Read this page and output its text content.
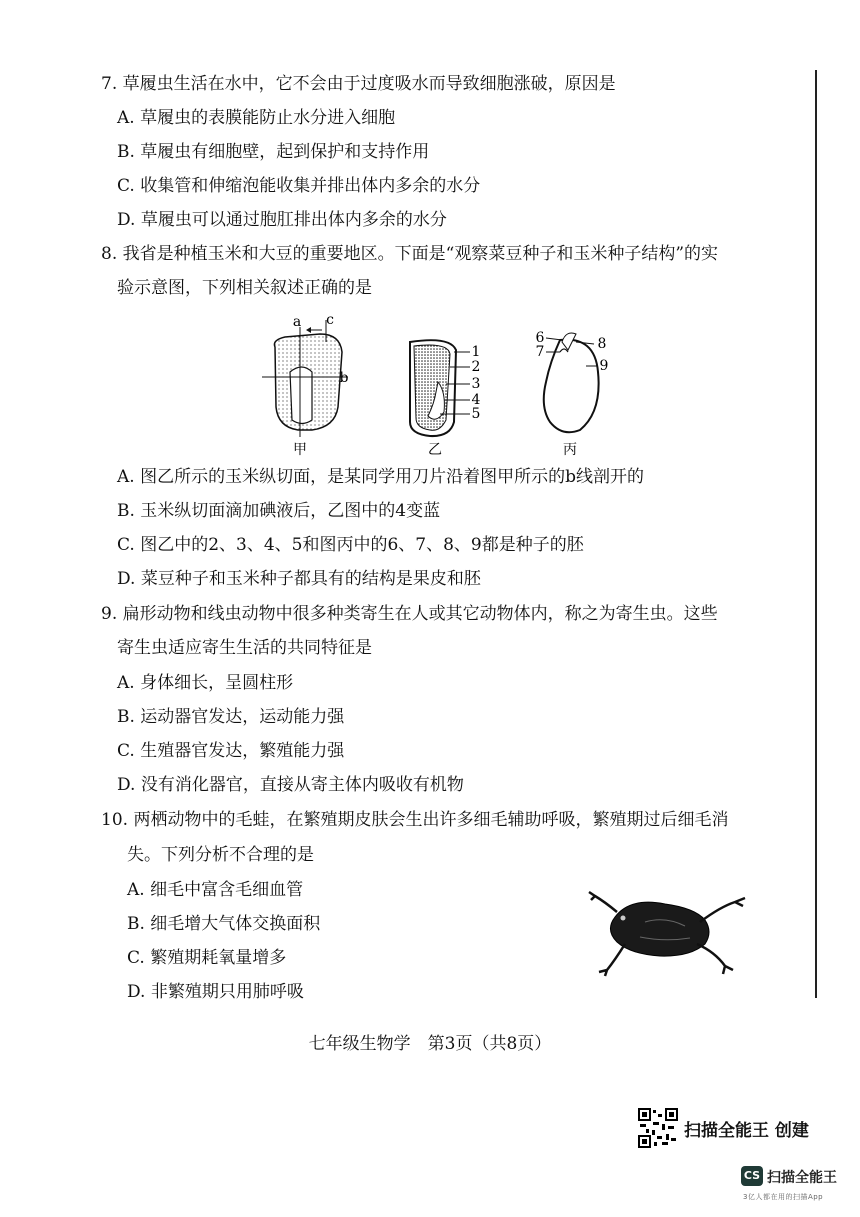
7. 草履虫生活在水中，它不会由于过度吸水而导致细胞涨破，原因是
A. 草履虫的表膜能防止水分进入细胞
B. 草履虫有细胞壁，起到保护和支持作用
C. 收集管和伸缩泡能收集并排出体内多余的水分
D. 草履虫可以通过胞肛排出体内多余的水分
8. 我省是种植玉米和大豆的重要地区。下面是“观察菜豆种子和玉米种子结构”的实
验示意图，下列相关叙述正确的是
a c
b
1
2
3
4
5
6
7	8
9
甲	乙	丙
A. 图乙所示的玉米纵切面，是某同学用刀片沿着图甲所示的b线剖开的
B. 玉米纵切面滴加碘液后，乙图中的4变蓝
C. 图乙中的2、3、4、5和图丙中的6、7、8、9都是种子的胚
D. 菜豆种子和玉米种子都具有的结构是果皮和胚
9. 扁形动物和线虫动物中很多种类寄生在人或其它动物体内，称之为寄生虫。这些
寄生虫适应寄生生活的共同特征是
A. 身体细长，呈圆柱形
B. 运动器官发达，运动能力强
C. 生殖器官发达，繁殖能力强
D. 没有消化器官，直接从寄主体内吸收有机物
10. 两栖动物中的毛蛙，在繁殖期皮肤会生出许多细毛辅助呼吸，繁殖期过后细毛消
失。下列分析不合理的是
A. 细毛中富含毛细血管
B. 细毛增大气体交换面积
C. 繁殖期耗氧量增多
D. 非繁殖期只用肺呼吸
七年级生物学　第3页（共8页）
扫描全能王 创建
CS 扫描全能王
3亿人都在用的扫描App
